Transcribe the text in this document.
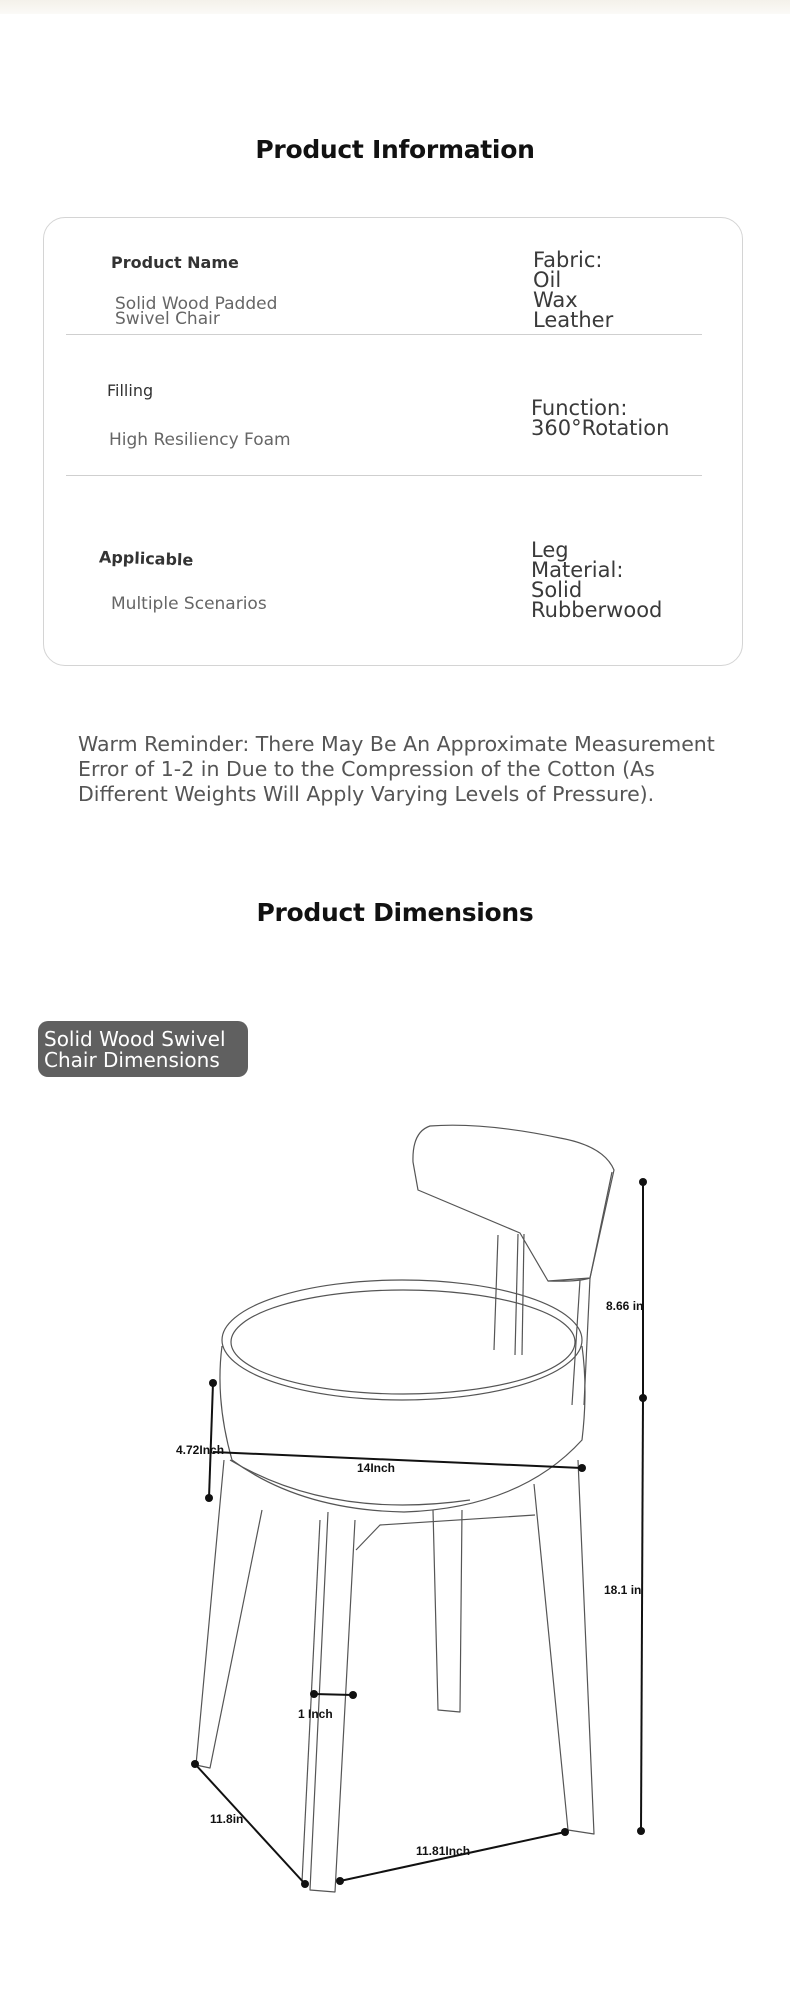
Product Information
Product Name
Solid Wood Padded
Swivel Chair
Fabric:
Oil
Wax
Leather
Filling
High Resiliency Foam
Function:
360°Rotation
Applicable
Multiple Scenarios
Leg
Material:
Solid
Rubberwood
Warm Reminder: There May Be An Approximate Measurement Error of 1-2 in Due to the Compression of the Cotton (As Different Weights Will Apply Varying Levels of Pressure).
Product Dimensions
Solid Wood Swivel
Chair Dimensions
8.66 in
18.1 in
4.72Inch
14Inch
1 Inch
11.8in
11.81Inch
